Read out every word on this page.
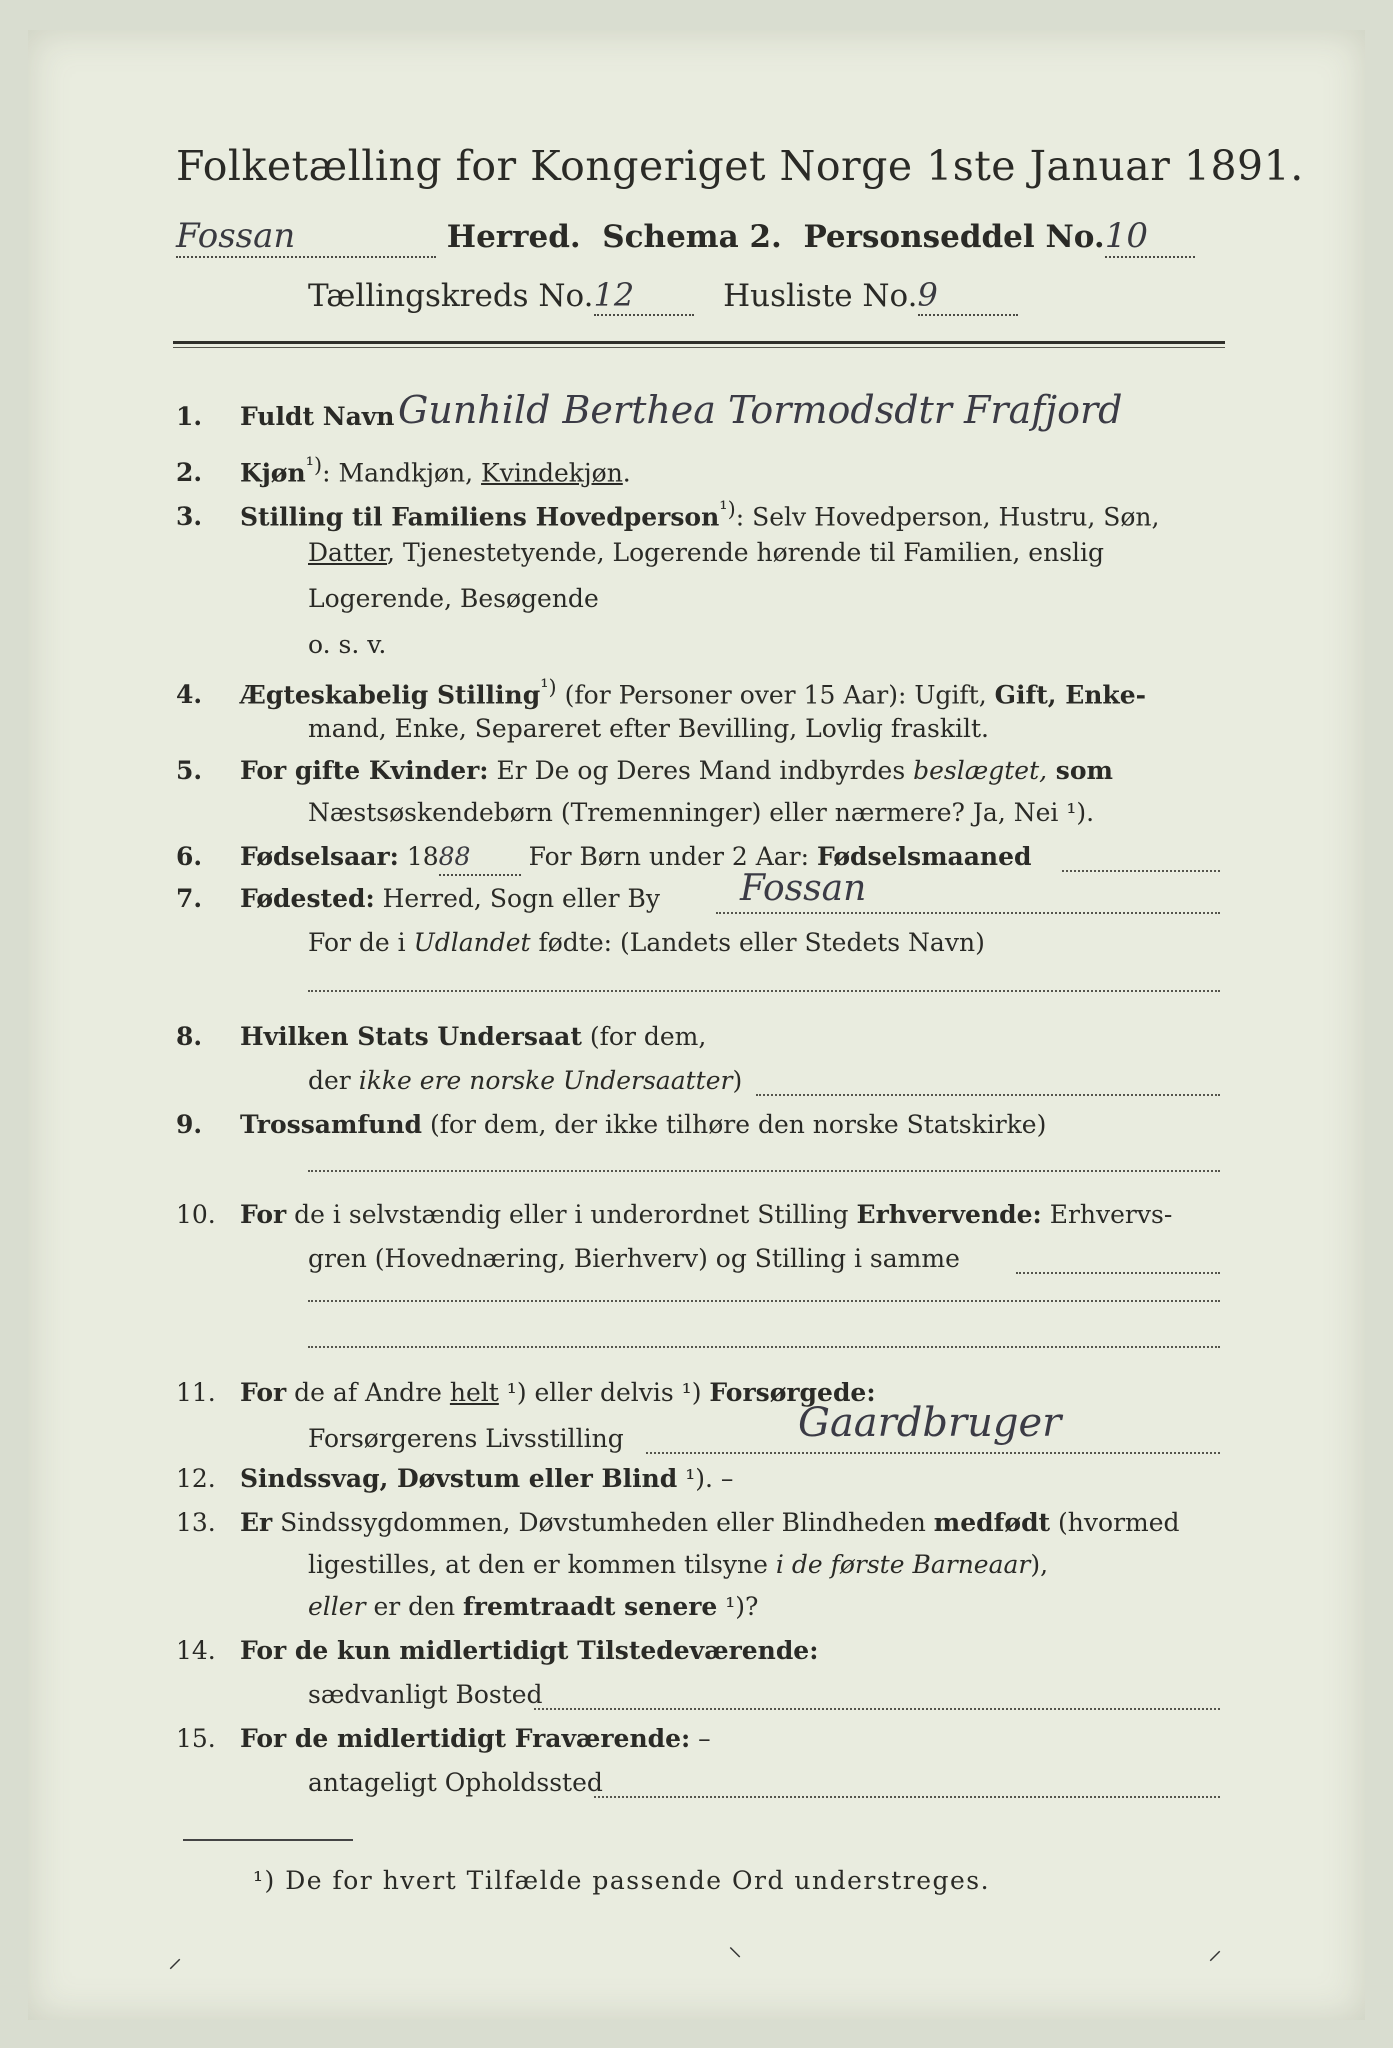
Folketælling for Kongeriget Norge 1ste Januar 1891.
Fossan	Herred. Schema 2. Personseddel No.10
Tællingskreds No.12	Husliste No.9
1. Fuldt Navn Gunhild Berthea Tormodsdtr Frafjord
2. Kjøn$^{^1)}$: Mandkjøn, Kvindekjøn.
3. Stilling til Familiens Hovedperson$^{^1)}$: Selv Hovedperson, Hustru, Søn,
Datter, Tjenestetyende, Logerende hørende til Familien, enslig
Logerende, Besøgende
o. s. v.
4. Ægteskabelig Stilling$^{^1)}$ (for Personer over 15 Aar): Ugift, Gift, Enke-
mand, Enke, Separeret efter Bevilling, Lovlig fraskilt.
5. For gifte Kvinder: Er De og Deres Mand indbyrdes beslægtet, som
Næstsøskendebørn (Tremenninger) eller nærmere? Ja, Nei ¹).
6. Fødselsaar: 1888 For Børn under 2 Aar: Fødselsmaaned
7. Fødested: Herred, Sogn eller By Fossan
For de i Udlandet fødte: (Landets eller Stedets Navn)
8. Hvilken Stats Undersaat (for dem,
der ikke ere norske Undersaatter)
9. Trossamfund (for dem, der ikke tilhøre den norske Statskirke)
10. For de i selvstændig eller i underordnet Stilling Erhvervende: Erhvervs-
gren (Hovednæring, Bierhverv) og Stilling i samme
11. For de af Andre helt ¹) eller delvis ¹) Forsørgede:
Forsørgerens Livsstilling	Gaardbruger
12. Sindssvag, Døvstum eller Blind ¹). –
13. Er Sindssygdommen, Døvstumheden eller Blindheden medfødt (hvormed
ligestilles, at den er kommen tilsyne i de første Barneaar),
eller er den fremtraadt senere ¹)?
14. For de kun midlertidigt Tilstedeværende:
sædvanligt Bosted
15. For de midlertidigt Fraværende: –
antageligt Opholdssted
¹) De for hvert Tilfælde passende Ord understreges.
⸝	⸌	⸝
